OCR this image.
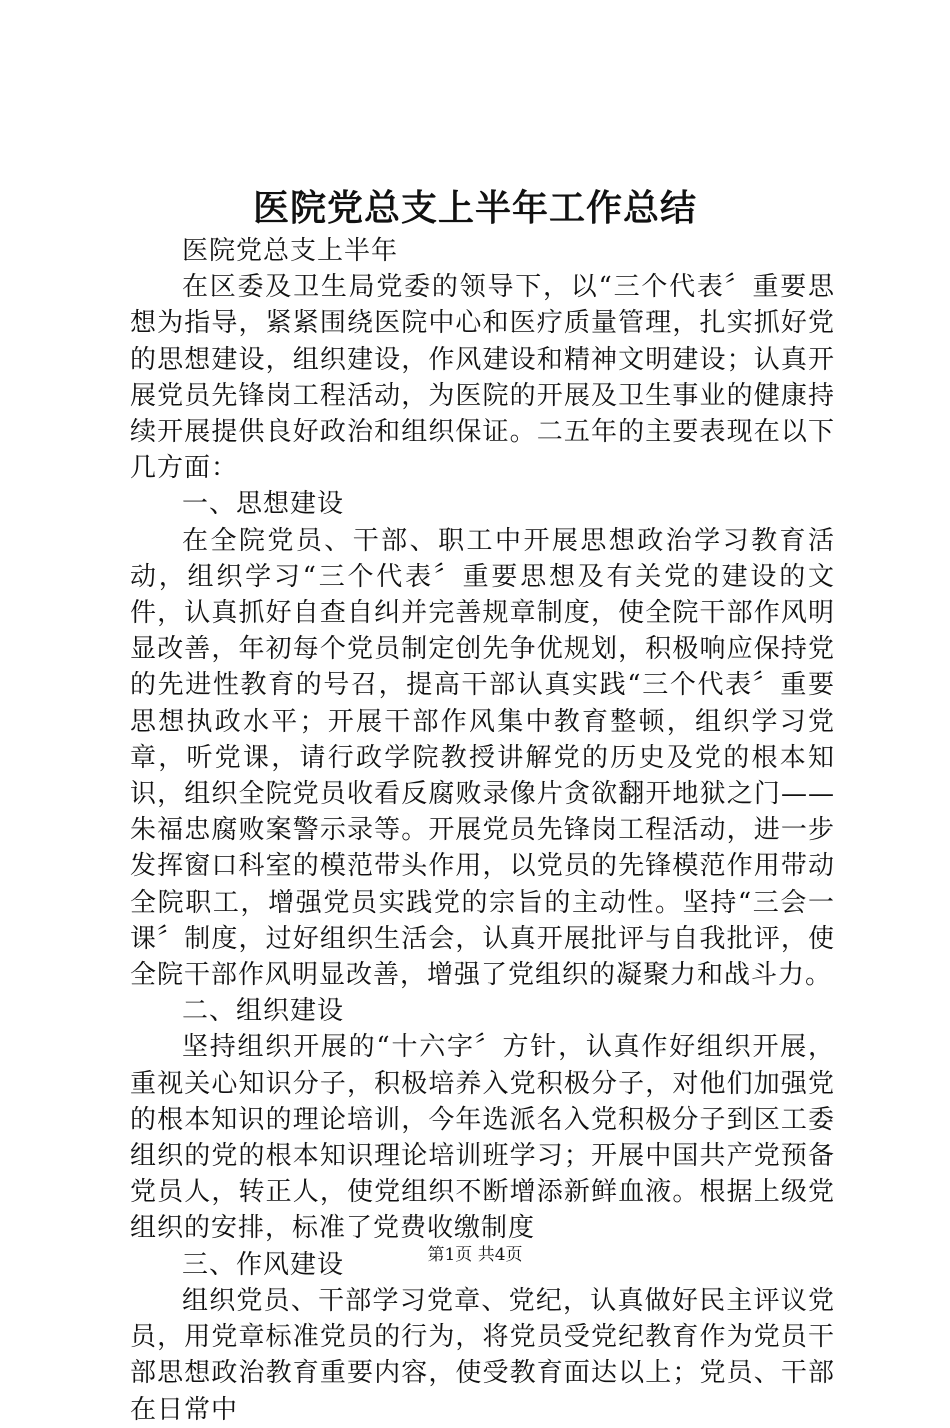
医院党总支上半年工作总结

医院党总支上半年

在区委及卫生局党委的领导下，以“三个代表〞重要思想为指导，紧紧围绕医院中心和医疗质量管理，扎实抓好党的思想建设，组织建设，作风建设和精神文明建设；认真开展党员先锋岗工程活动，为医院的开展及卫生事业的健康持续开展提供良好政治和组织保证。二五年的主要表现在以下几方面：

一、思想建设

在全院党员、干部、职工中开展思想政治学习教育活动，组织学习“三个代表〞重要思想及有关党的建设的文件，认真抓好自查自纠并完善规章制度，使全院干部作风明显改善，年初每个党员制定创先争优规划，积极响应保持党的先进性教育的号召，提高干部认真实践“三个代表〞重要思想执政水平；开展干部作风集中教育整顿，组织学习党章，听党课，请行政学院教授讲解党的历史及党的根本知识，组织全院党员收看反腐败录像片贪欲翻开地狱之门——朱福忠腐败案警示录等。开展党员先锋岗工程活动，进一步发挥窗口科室的模范带头作用，以党员的先锋模范作用带动全院职工，增强党员实践党的宗旨的主动性。坚持“三会一课〞制度，过好组织生活会，认真开展批评与自我批评，使全院干部作风明显改善，增强了党组织的凝聚力和战斗力。

二、组织建设

坚持组织开展的“十六字〞方针，认真作好组织开展，重视关心知识分子，积极培养入党积极分子，对他们加强党的根本知识的理论培训，今年选派名入党积极分子到区工委组织的党的根本知识理论培训班学习；开展中国共产党预备党员人，转正人，使党组织不断增添新鲜血液。根据上级党组织的安排，标准了党费收缴制度

三、作风建设

组织党员、干部学习党章、党纪，认真做好民主评议党员，用党章标准党员的行为，将党员受党纪教育作为党员干部思想政治教育重要内容，使受教育面达以上；党员、干部在日常中

第1页 共4页
